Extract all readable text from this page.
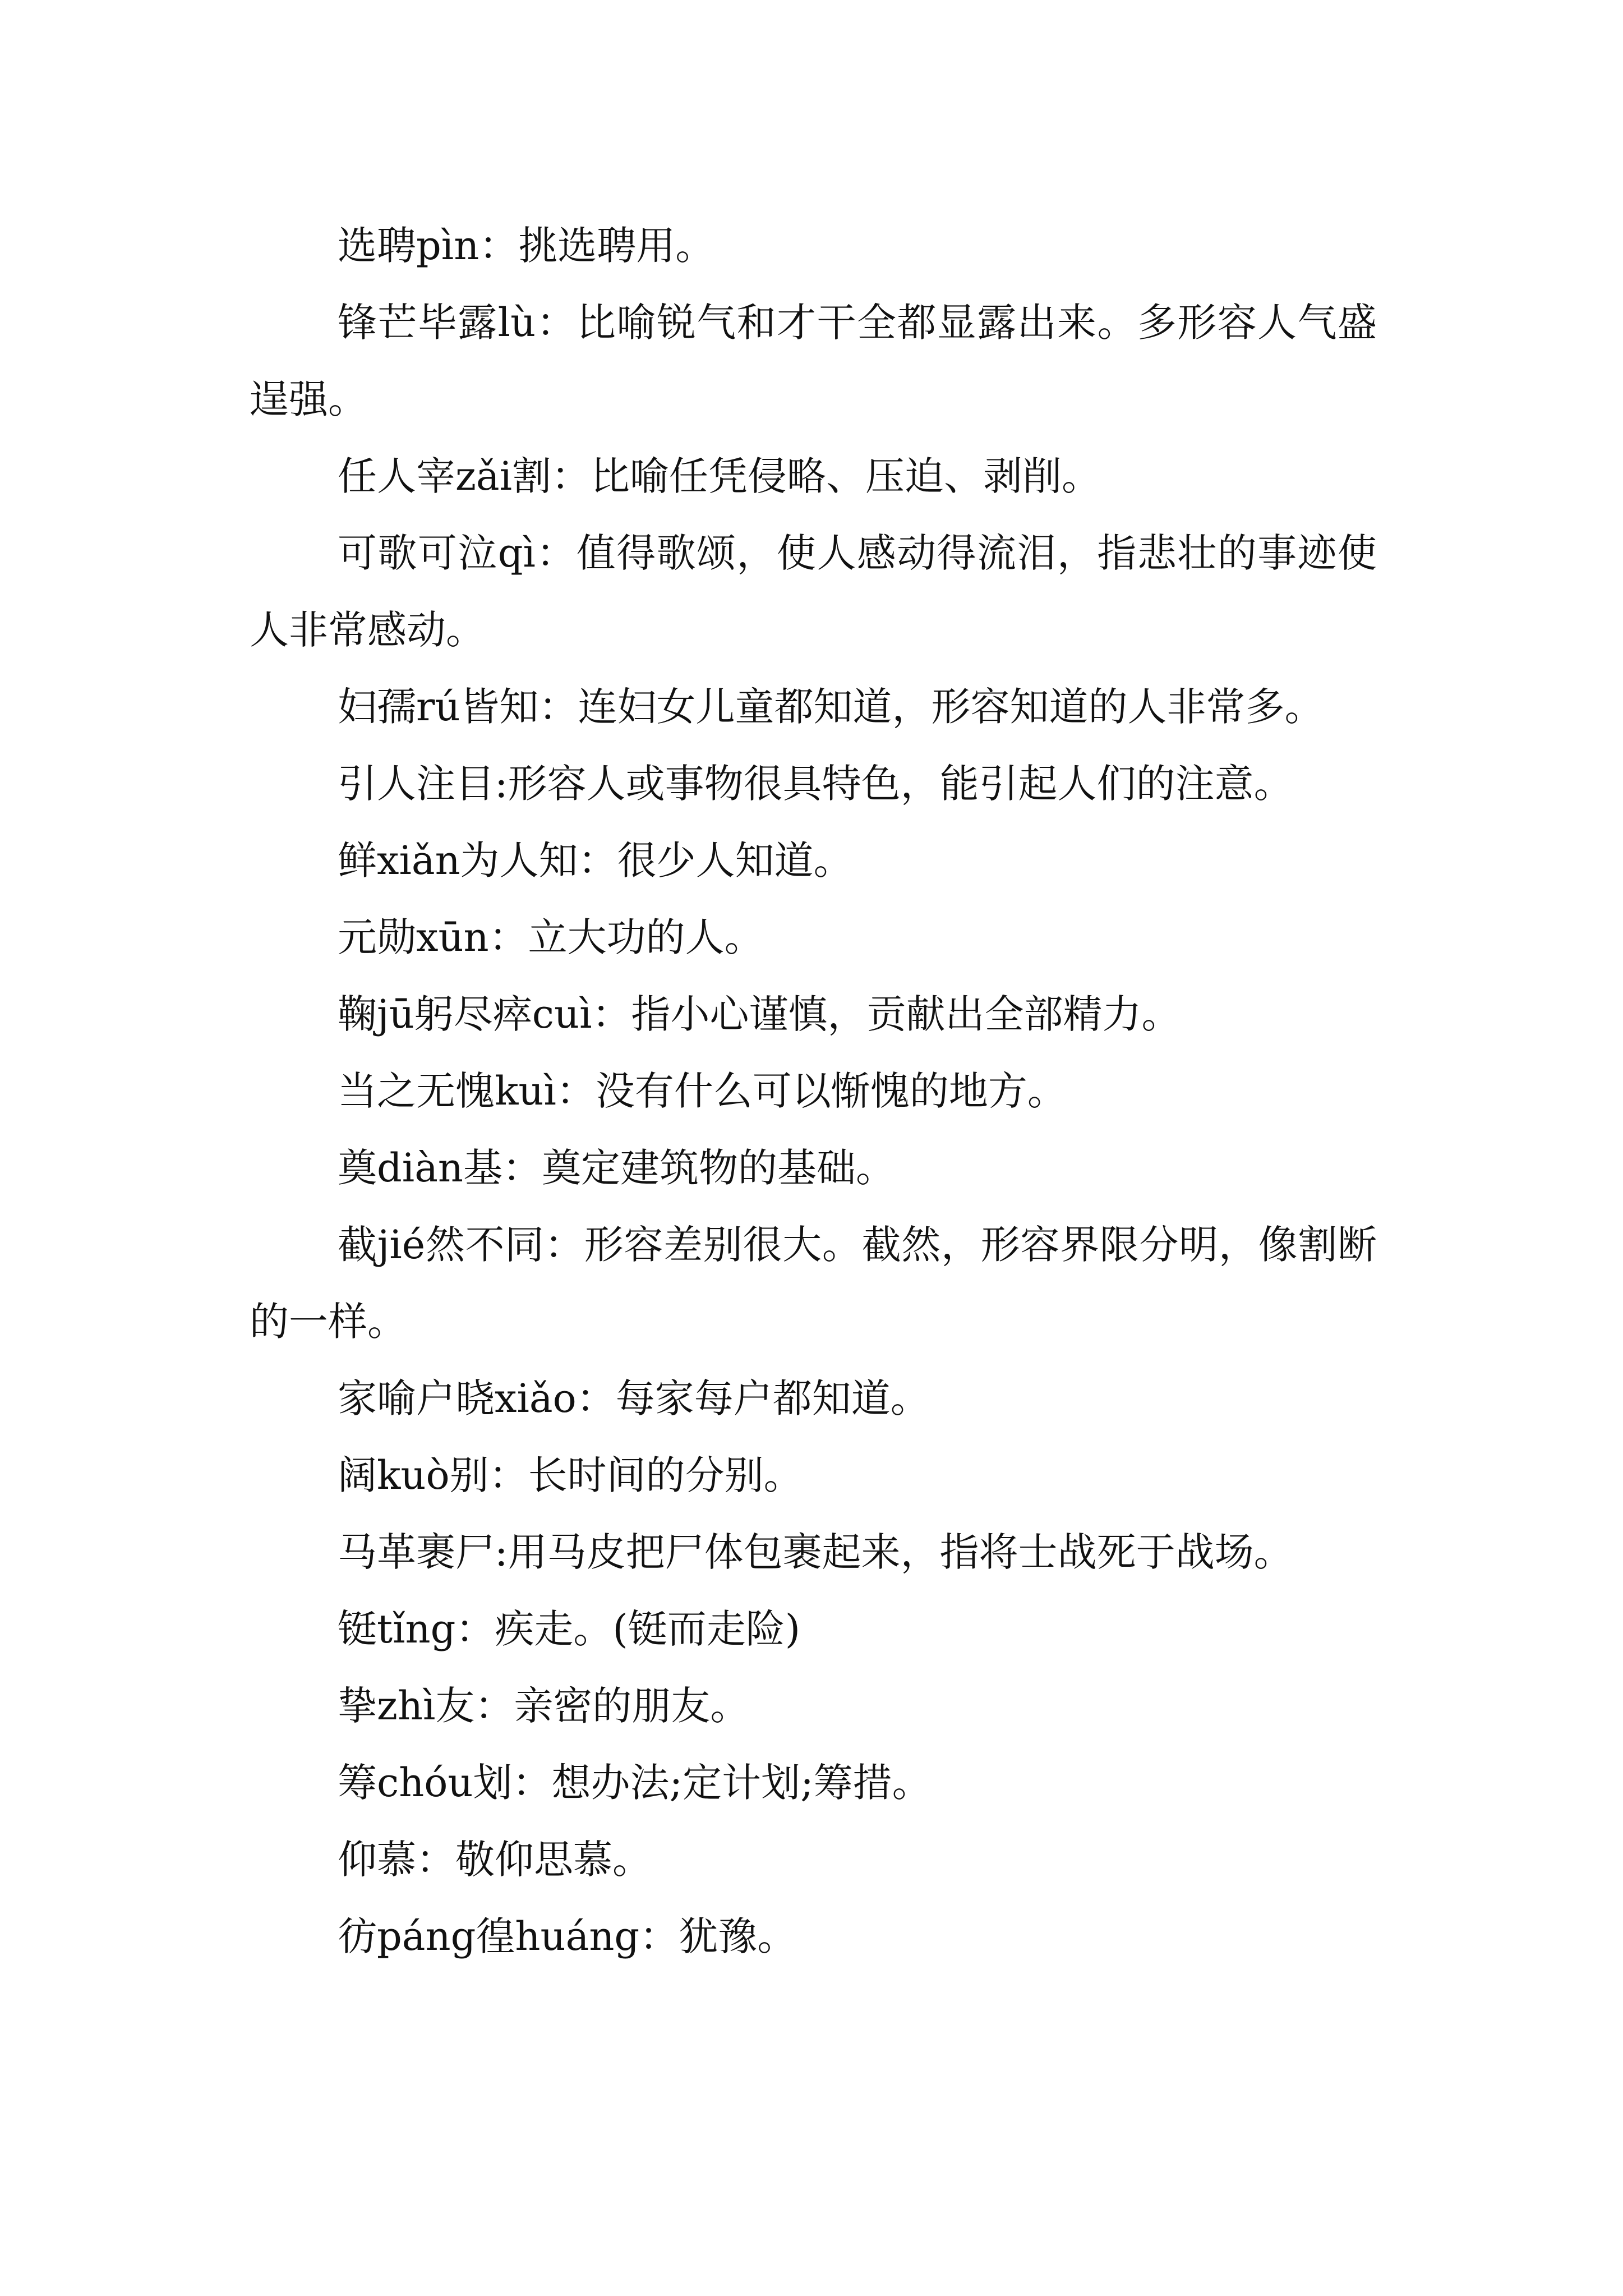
选聘pìn：挑选聘用。

锋芒毕露lù：比喻锐气和才干全都显露出来。多形容人气盛逞强。

任人宰zǎi割：比喻任凭侵略、压迫、剥削。

可歌可泣qì：值得歌颂，使人感动得流泪，指悲壮的事迹使人非常感动。

妇孺rú皆知：连妇女儿童都知道，形容知道的人非常多。

引人注目:形容人或事物很具特色，能引起人们的注意。

鲜xiǎn为人知：很少人知道。

元勋xūn：立大功的人。

鞠jū躬尽瘁cuì：指小心谨慎，贡献出全部精力。

当之无愧kuì：没有什么可以惭愧的地方。

奠diàn基：奠定建筑物的基础。

截jié然不同：形容差别很大。截然，形容界限分明，像割断的一样。

家喻户晓xiǎo：每家每户都知道。

阔kuò别：长时间的分别。

马革裹尸:用马皮把尸体包裹起来，指将士战死于战场。

铤tǐng：疾走。(铤而走险)

挚zhì友：亲密的朋友。

筹chóu划：想办法;定计划;筹措。

仰慕：敬仰思慕。

彷páng徨huáng：犹豫。
